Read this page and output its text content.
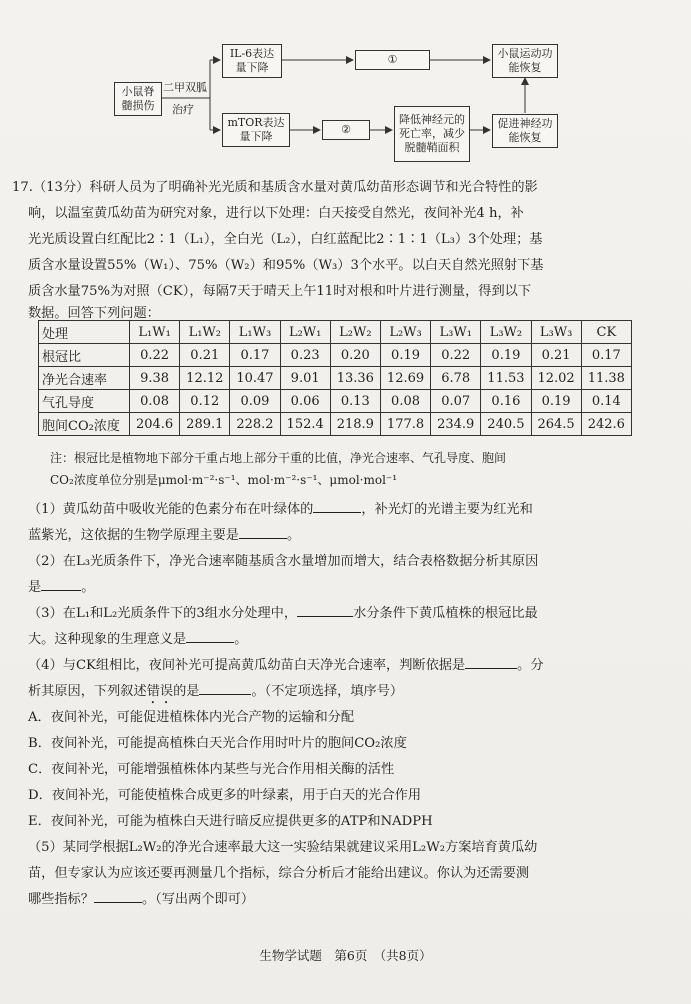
小鼠脊髓损伤
二甲双胍
治疗
IL-6表达量下降
①	小鼠运动功能恢复
mTOR表达量下降
②
降低神经元的死亡率，减少脱髓鞘面积
促进神经功能恢复
17.（13分）科研人员为了明确补光光质和基质含水量对黄瓜幼苗形态调节和光合特性的影
响，以温室黄瓜幼苗为研究对象，进行以下处理：白天接受自然光，夜间补光4 h，补
光光质设置白红配比2∶1（L₁），全白光（L₂），白红蓝配比2∶1∶1（L₃）3个处理；基
质含水量设置55%（W₁）、75%（W₂）和95%（W₃）3个水平。以白天自然光照射下基
质含水量75%为对照（CK），每隔7天于晴天上午11时对根和叶片进行测量，得到以下
数据。回答下列问题：
处理	L₁W₁	L₁W₂	L₁W₃	L₂W₁	L₂W₂	L₂W₃	L₃W₁	L₃W₂	L₃W₃	CK
根冠比	0.22	0.21	0.17	0.23	0.20	0.19	0.22	0.19	0.21	0.17
净光合速率	9.38	12.12	10.47	9.01	13.36	12.69	6.78	11.53	12.02	11.38
气孔导度	0.08	0.12	0.09	0.06	0.13	0.08	0.07	0.16	0.19	0.14
胞间CO₂浓度	204.6	289.1	228.2	152.4	218.9	177.8	234.9	240.5	264.5	242.6
注：根冠比是植物地下部分干重占地上部分干重的比值，净光合速率、气孔导度、胞间
CO₂浓度单位分别是μmol·m⁻²·s⁻¹、mol·m⁻²·s⁻¹、μmol·mol⁻¹
（1）黄瓜幼苗中吸收光能的色素分布在叶绿体的	，补光灯的光谱主要为红光和
蓝紫光，这依据的生物学原理主要是	。
（2）在L₃光质条件下，净光合速率随基质含水量增加而增大，结合表格数据分析其原因
是	。
（3）在L₁和L₂光质条件下的3组水分处理中，	水分条件下黄瓜植株的根冠比最
大。这种现象的生理意义是	。
（4）与CK组相比，夜间补光可提高黄瓜幼苗白天净光合速率，判断依据是	。分
析其原因，下列叙述错误的是	。（不定项选择，填序号）
A．夜间补光，可能促进植株体内光合产物的运输和分配
B．夜间补光，可能提高植株白天光合作用时叶片的胞间CO₂浓度
C．夜间补光，可能增强植株体内某些与光合作用相关酶的活性
D．夜间补光，可能使植株合成更多的叶绿素，用于白天的光合作用
E．夜间补光，可能为植株白天进行暗反应提供更多的ATP和NADPH
（5）某同学根据L₂W₂的净光合速率最大这一实验结果就建议采用L₂W₂方案培育黄瓜幼
苗，但专家认为应该还要再测量几个指标，综合分析后才能给出建议。你认为还需要测
哪些指标？	。（写出两个即可）
生物学试题　第6页　（共8页）
